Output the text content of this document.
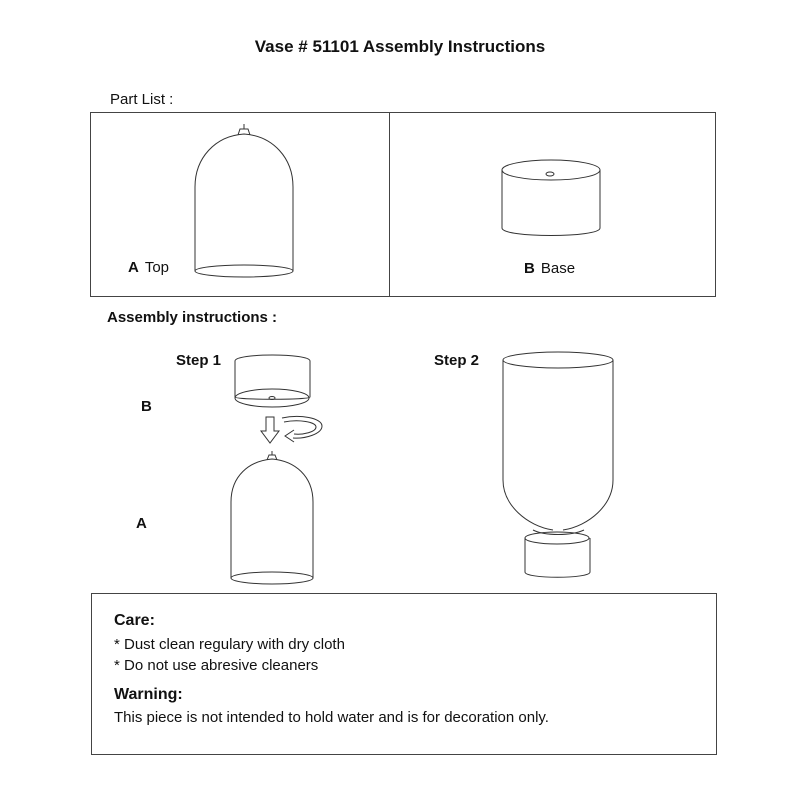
Vase # 51101 Assembly Instructions
Part List :
A Top	B Base
Assembly instructions :
Step 1	Step 2
B
A
Care:
* Dust clean regulary with dry cloth
* Do not use abresive cleaners
Warning:
This piece is not intended to hold water and is for decoration only.
